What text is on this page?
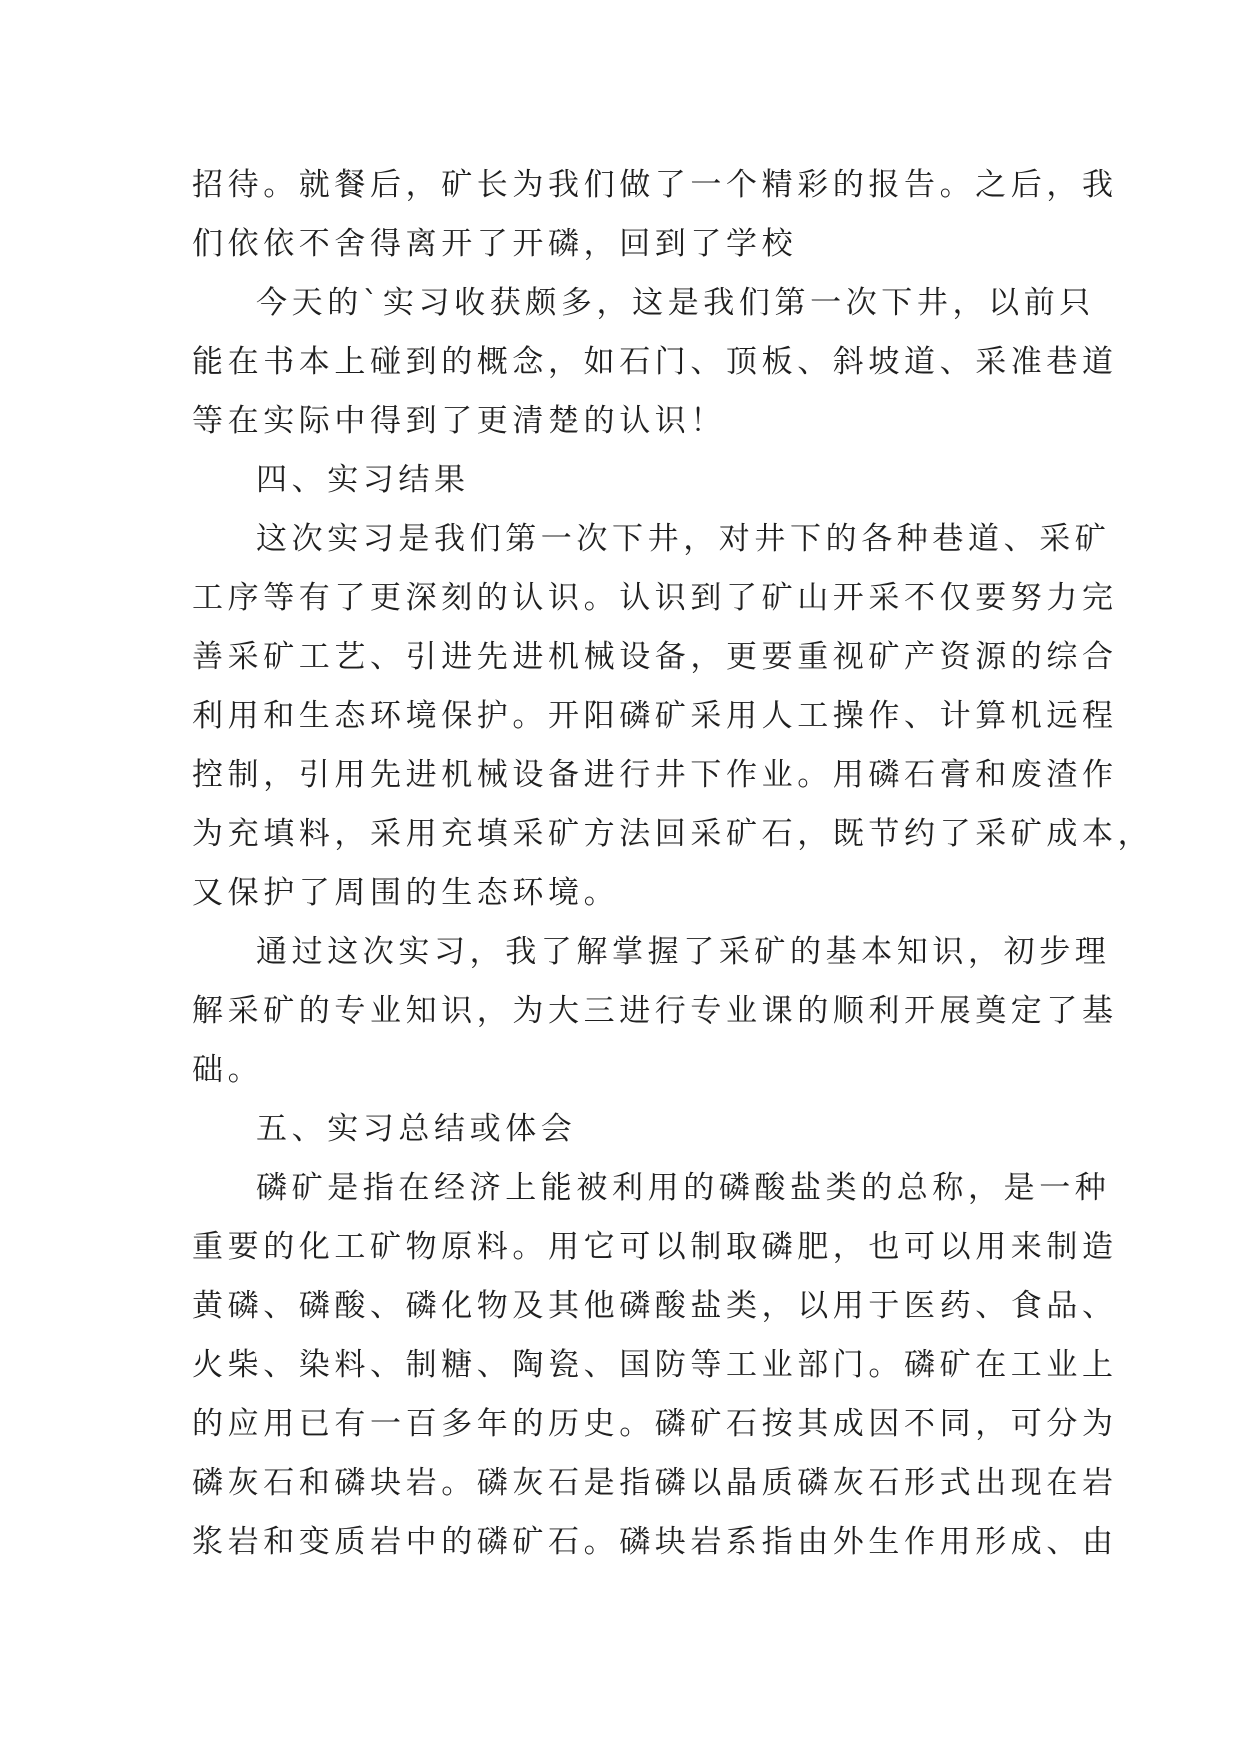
招待。就餐后，矿长为我们做了一个精彩的报告。之后，我
们依依不舍得离开了开磷，回到了学校
今天的`实习收获颇多，这是我们第一次下井，以前只
能在书本上碰到的概念，如石门、顶板、斜坡道、采准巷道
等在实际中得到了更清楚的认识！
四、实习结果
这次实习是我们第一次下井，对井下的各种巷道、采矿
工序等有了更深刻的认识。认识到了矿山开采不仅要努力完
善采矿工艺、引进先进机械设备，更要重视矿产资源的综合
利用和生态环境保护。开阳磷矿采用人工操作、计算机远程
控制，引用先进机械设备进行井下作业。用磷石膏和废渣作
为充填料，采用充填采矿方法回采矿石，既节约了采矿成本，
又保护了周围的生态环境。
通过这次实习，我了解掌握了采矿的基本知识，初步理
解采矿的专业知识，为大三进行专业课的顺利开展奠定了基
础。
五、实习总结或体会
磷矿是指在经济上能被利用的磷酸盐类的总称，是一种
重要的化工矿物原料。用它可以制取磷肥，也可以用来制造
黄磷、磷酸、磷化物及其他磷酸盐类，以用于医药、食品、
火柴、染料、制糖、陶瓷、国防等工业部门。磷矿在工业上
的应用已有一百多年的历史。磷矿石按其成因不同，可分为
磷灰石和磷块岩。磷灰石是指磷以晶质磷灰石形式出现在岩
浆岩和变质岩中的磷矿石。磷块岩系指由外生作用形成、由
